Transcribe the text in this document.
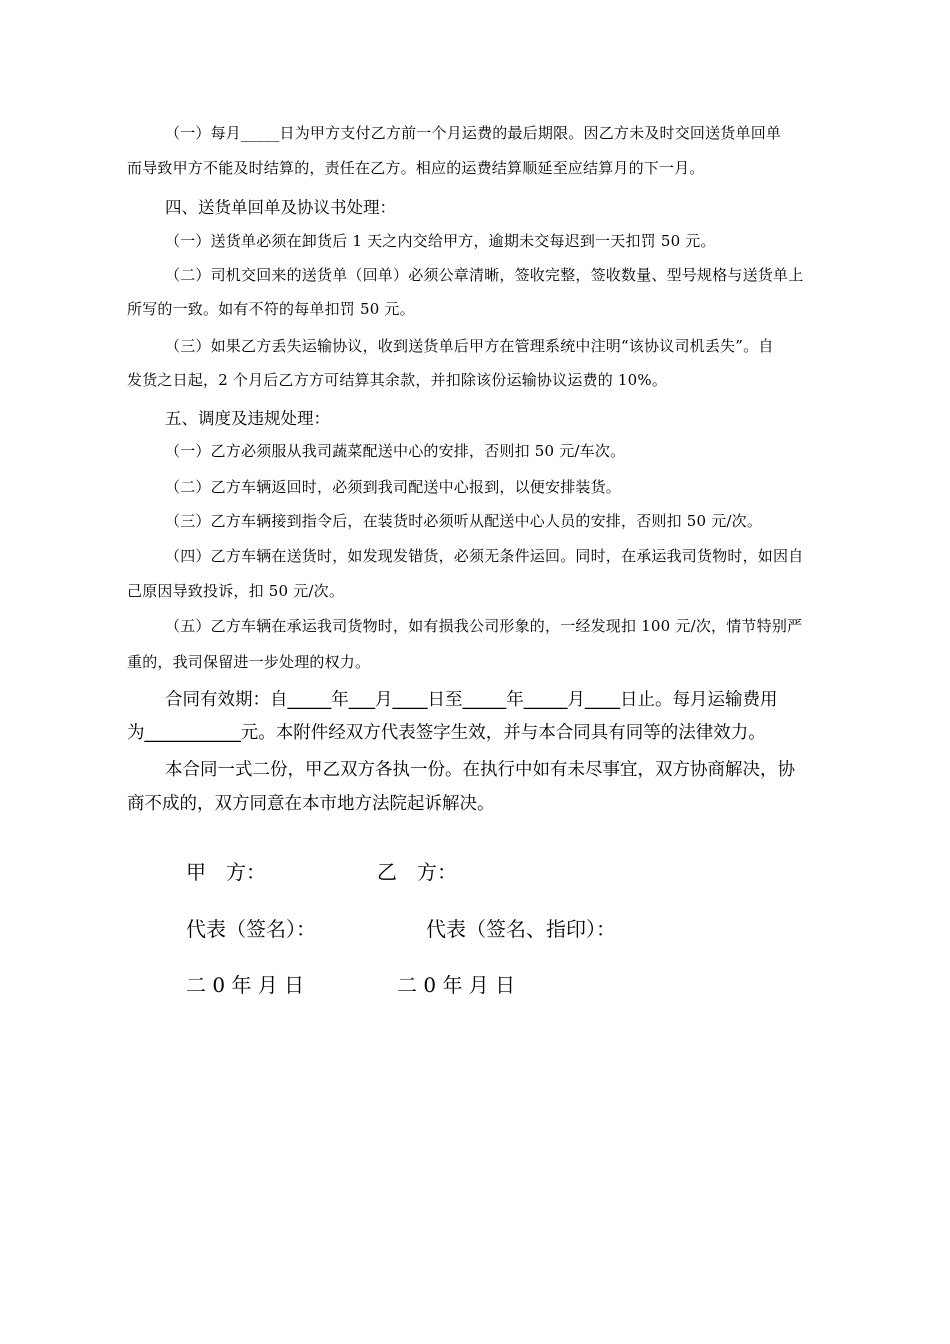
（一）每月_____日为甲方支付乙方前一个月运费的最后期限。因乙方未及时交回送货单回单

而导致甲方不能及时结算的，责任在乙方。相应的运费结算顺延至应结算月的下一月。

四、送货单回单及协议书处理：

（一）送货单必须在卸货后 1 天之内交给甲方，逾期未交每迟到一天扣罚 50 元。

（二）司机交回来的送货单（回单）必须公章清晰，签收完整，签收数量、型号规格与送货单上

所写的一致。如有不符的每单扣罚 50 元。

（三）如果乙方丢失运输协议，收到送货单后甲方在管理系统中注明“该协议司机丢失”。自

发货之日起，2 个月后乙方方可结算其余款，并扣除该份运输协议运费的 10%。

五、调度及违规处理：

（一）乙方必须服从我司蔬菜配送中心的安排，否则扣 50 元/车次。

（二）乙方车辆返回时，必须到我司配送中心报到，以便安排装货。

（三）乙方车辆接到指令后，在装货时必须听从配送中心人员的安排，否则扣 50 元/次。

（四）乙方车辆在送货时，如发现发错货，必须无条件运回。同时，在承运我司货物时，如因自

己原因导致投诉，扣 50 元/次。

（五）乙方车辆在承运我司货物时，如有损我公司形象的，一经发现扣 100 元/次，情节特别严

重的，我司保留进一步处理的权力。

合同有效期：自_____年___月____日至_____年_____月____日止。每月运输费用

为___________元。本附件经双方代表签字生效，并与本合同具有同等的法律效力。

本合同一式二份，甲乙双方各执一份。在执行中如有未尽事宜，双方协商解决，协

商不成的，双方同意在本市地方法院起诉解决。

甲　方：	乙　方：

代表（签名）：	代表（签名、指印）：

二 0 年 月 日	二 0 年 月 日
